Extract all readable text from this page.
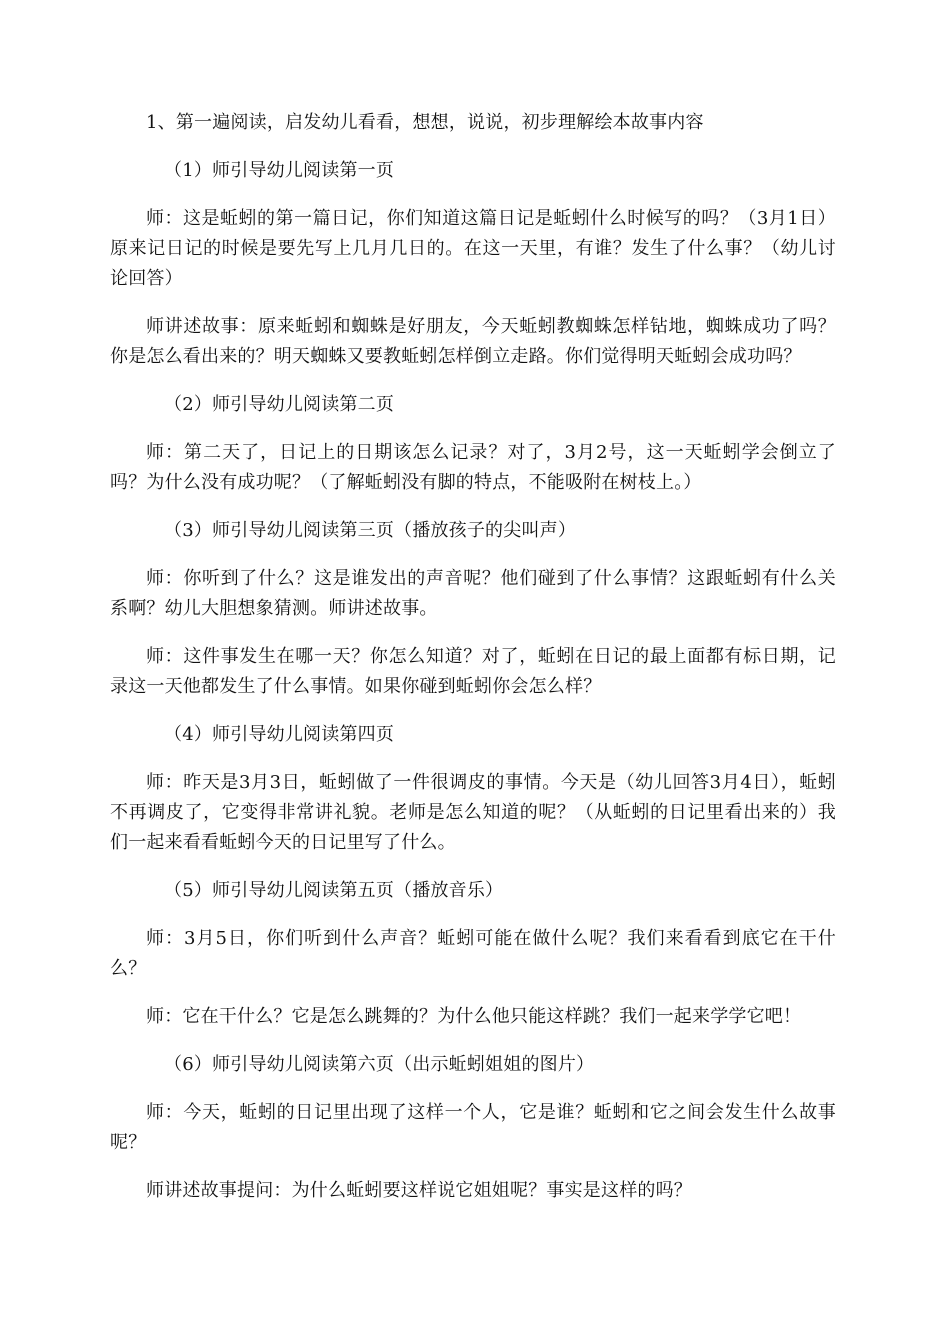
1、第一遍阅读，启发幼儿看看，想想，说说，初步理解绘本故事内容

（1）师引导幼儿阅读第一页

师：这是蚯蚓的第一篇日记，你们知道这篇日记是蚯蚓什么时候写的吗？（3月1日）原来记日记的时候是要先写上几月几日的。在这一天里，有谁？发生了什么事？（幼儿讨论回答）

师讲述故事：原来蚯蚓和蜘蛛是好朋友，今天蚯蚓教蜘蛛怎样钻地，蜘蛛成功了吗？你是怎么看出来的？明天蜘蛛又要教蚯蚓怎样倒立走路。你们觉得明天蚯蚓会成功吗？

（2）师引导幼儿阅读第二页

师：第二天了，日记上的日期该怎么记录？对了，3月2号，这一天蚯蚓学会倒立了吗？为什么没有成功呢？（了解蚯蚓没有脚的特点，不能吸附在树枝上。）

（3）师引导幼儿阅读第三页（播放孩子的尖叫声）

师：你听到了什么？这是谁发出的声音呢？他们碰到了什么事情？这跟蚯蚓有什么关系啊？幼儿大胆想象猜测。师讲述故事。

师：这件事发生在哪一天？你怎么知道？对了，蚯蚓在日记的最上面都有标日期，记录这一天他都发生了什么事情。如果你碰到蚯蚓你会怎么样？

（4）师引导幼儿阅读第四页

师：昨天是3月3日，蚯蚓做了一件很调皮的事情。今天是（幼儿回答3月4日），蚯蚓不再调皮了，它变得非常讲礼貌。老师是怎么知道的呢？（从蚯蚓的日记里看出来的）我们一起来看看蚯蚓今天的日记里写了什么。

（5）师引导幼儿阅读第五页（播放音乐）

师：3月5日，你们听到什么声音？蚯蚓可能在做什么呢？我们来看看到底它在干什么？

师：它在干什么？它是怎么跳舞的？为什么他只能这样跳？我们一起来学学它吧！

（6）师引导幼儿阅读第六页（出示蚯蚓姐姐的图片）

师：今天，蚯蚓的日记里出现了这样一个人，它是谁？蚯蚓和它之间会发生什么故事呢？

师讲述故事提问：为什么蚯蚓要这样说它姐姐呢？事实是这样的吗？
